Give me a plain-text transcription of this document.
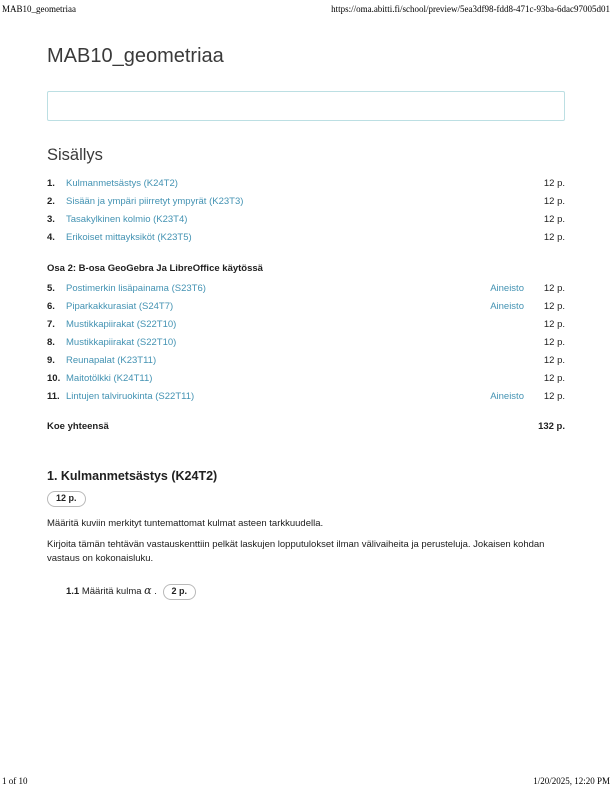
MAB10_geometriaa	https://oma.abitti.fi/school/preview/5ea3df98-fdd8-471c-93ba-6dac97005d01
MAB10_geometriaa
Sisällys
1.	Kulmanmetsästys (K24T2)	12 p.
2.	Sisään ja ympäri piirretyt ympyrät (K23T3)	12 p.
3.	Tasakylkinen kolmio (K23T4)	12 p.
4.	Erikoiset mittayksiköt (K23T5)	12 p.
Osa 2: B-osa GeoGebra Ja LibreOffice käytössä
5.	Postimerkin lisäpainama (S23T6)	Aineisto	12 p.
6.	Piparkakkurasiat (S24T7)	Aineisto	12 p.
7.	Mustikkapiirakat (S22T10)	12 p.
8.	Mustikkapiirakat (S22T10)	12 p.
9.	Reunapalat (K23T11)	12 p.
10. Maitotölkki (K24T11)	12 p.
11. Lintujen talviruokinta (S22T11)	Aineisto	12 p.
Koe yhteensä	132 p.
1. Kulmanmetsästys (K24T2)
12 p.

Määritä kuviin merkityt tuntemattomat kulmat asteen tarkkuudella.

Kirjoita tämän tehtävän vastauskenttiin pelkät laskujen lopputulokset ilman välivaiheita ja perusteluja. Jokaisen kohdan vastaus on kokonaisluku.

1.1 Määritä kulma α . 2 p.
1 of 10	1/20/2025, 12:20 PM
